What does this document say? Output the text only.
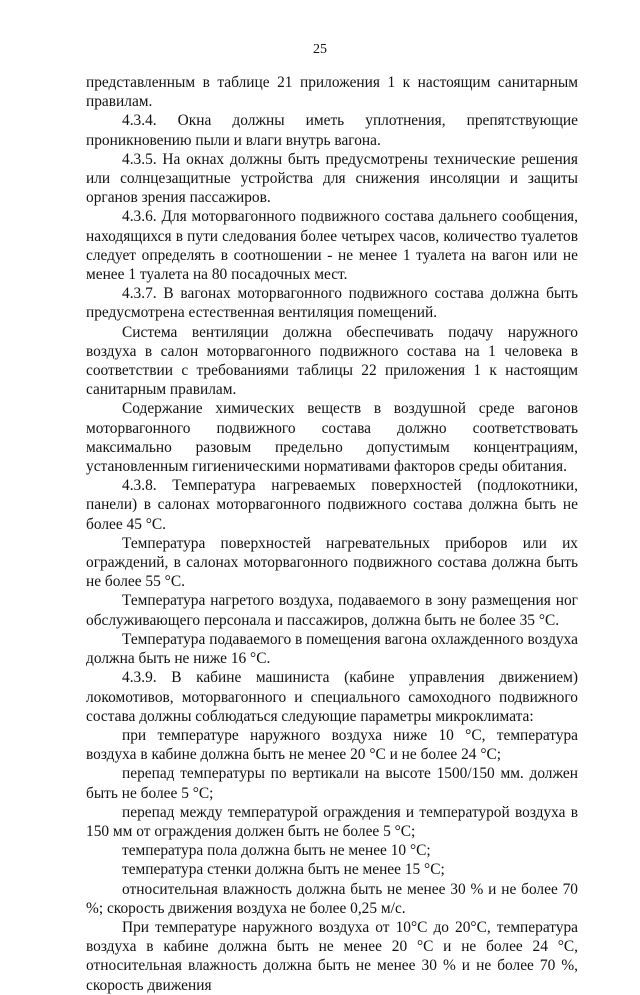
25

представленным в таблице 21 приложения 1 к настоящим санитарным правилам.

4.3.4. Окна должны иметь уплотнения, препятствующие проникновению пыли и влаги внутрь вагона.

4.3.5. На окнах должны быть предусмотрены технические решения или солнцезащитные устройства для снижения инсоляции и защиты органов зрения пассажиров.

4.3.6. Для моторвагонного подвижного состава дальнего сообщения, находящихся в пути следования более четырех часов, количество туалетов следует определять в соотношении - не менее 1 туалета на вагон или не менее 1 туалета на 80 посадочных мест.

4.3.7. В вагонах моторвагонного подвижного состава должна быть предусмотрена естественная вентиляция помещений.

Система вентиляции должна обеспечивать подачу наружного воздуха в салон моторвагонного подвижного состава на 1 человека в соответствии с требованиями таблицы 22 приложения 1 к настоящим санитарным правилам.

Содержание химических веществ в воздушной среде вагонов моторвагонного подвижного состава должно соответствовать максимально разовым предельно допустимым концентрациям, установленным гигиеническими нормативами факторов среды обитания.

4.3.8. Температура нагреваемых поверхностей (подлокотники, панели) в салонах моторвагонного подвижного состава должна быть не более 45 °С.

Температура поверхностей нагревательных приборов или их ограждений, в салонах моторвагонного подвижного состава должна быть не более 55 °С.

Температура нагретого воздуха, подаваемого в зону размещения ног обслуживающего персонала и пассажиров, должна быть не более 35 °С.

Температура подаваемого в помещения вагона охлажденного воздуха должна быть не ниже 16 °С.

4.3.9. В кабине машиниста (кабине управления движением) локомотивов, моторвагонного и специального самоходного подвижного состава должны соблюдаться следующие параметры микроклимата:

при температуре наружного воздуха ниже 10 °С, температура воздуха в кабине должна быть не менее 20 °С и не более 24 °С;

перепад температуры по вертикали на высоте 1500/150 мм. должен быть не более 5 °С;

перепад между температурой ограждения и температурой воздуха в 150 мм от ограждения должен быть не более 5 °С;

температура пола должна быть не менее 10 °С;

температура стенки должна быть не менее 15 °С;

относительная влажность должна быть не менее 30 % и не более 70 %; скорость движения воздуха не более 0,25 м/с.

При температуре наружного воздуха от 10°С до 20°С, температура воздуха в кабине должна быть не менее 20 °С и не более 24 °С, относительная влажность должна быть не менее 30 % и не более 70 %, скорость движения
